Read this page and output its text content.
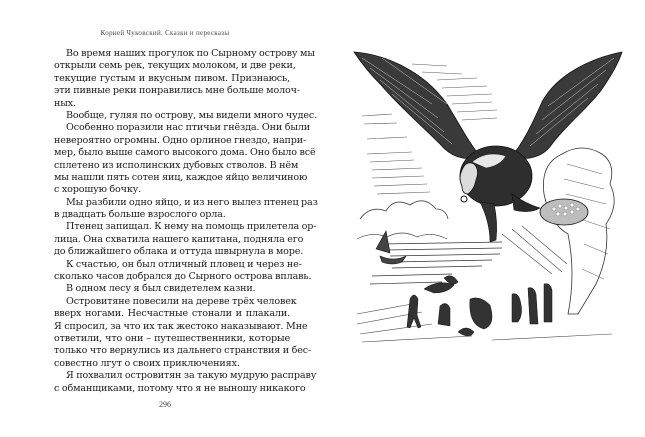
Корней Чуковский. Сказки и пересказы
Во время наших прогулок по Сырному острову мы
открыли семь рек, текущих молоком, и две реки,
текущие густым и вкусным пивом. Признаюсь,
эти пивные реки понравились мне больше молоч-
ных.
Вообще, гуляя по острову, мы видели много чудес.
Особенно поразили нас птичьи гнёзда. Они были
невероятно огромны. Одно орлиное гнездо, напри-
мер, было выше самого высокого дома. Оно было всё
сплетено из исполинских дубовых стволов. В нём
мы нашли пять сотен яиц, каждое яйцо величиною
с хорошую бочку.
Мы разбили одно яйцо, и из него вылез птенец раз
в двадцать больше взрослого орла.
Птенец запищал. К нему на помощь прилетела ор-
лица. Она схватила нашего капитана, подняла его
до ближайшего облака и оттуда швырнула в море.
К счастью, он был отличный пловец и через не-
сколько часов добрался до Сырного острова вплавь.
В одном лесу я был свидетелем казни.
Островитяне повесили на дереве трёх человек
вверх ногами. Несчастные стонали и плакали.
Я спросил, за что их так жестоко наказывают. Мне
ответили, что они – путешественники, которые
только что вернулись из дальнего странствия и бес-
совестно лгут о своих приключениях.
Я похвалил островитян за такую мудрую расправу
с обманщиками, потому что я не выношу никакого
296
